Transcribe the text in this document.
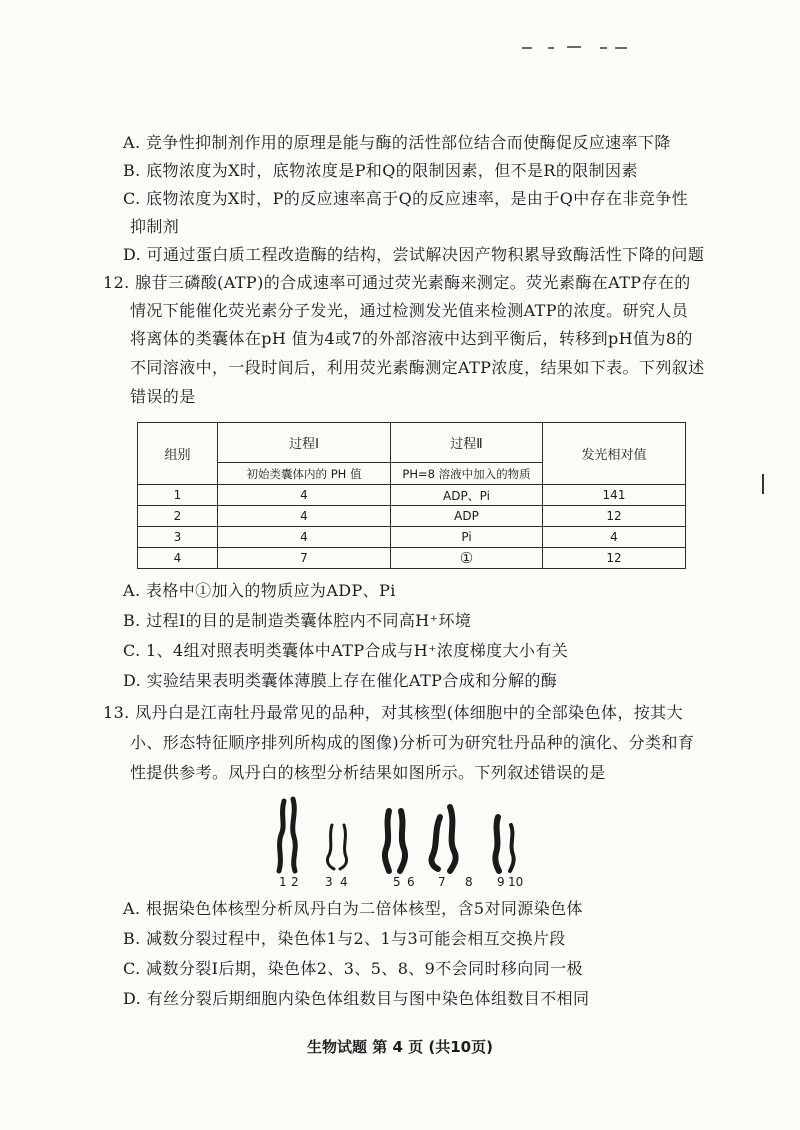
A. 竞争性抑制剂作用的原理是能与酶的活性部位结合而使酶促反应速率下降
B. 底物浓度为X时，底物浓度是P和Q的限制因素，但不是R的限制因素
C. 底物浓度为X时，P的反应速率高于Q的反应速率，是由于Q中存在非竞争性
抑制剂
D. 可通过蛋白质工程改造酶的结构，尝试解决因产物积累导致酶活性下降的问题
12. 腺苷三磷酸(ATP)的合成速率可通过荧光素酶来测定。荧光素酶在ATP存在的
情况下能催化荧光素分子发光，通过检测发光值来检测ATP的浓度。研究人员
将离体的类囊体在pH 值为4或7的外部溶液中达到平衡后，转移到pH值为8的
不同溶液中，一段时间后，利用荧光素酶测定ATP浓度，结果如下表。下列叙述
错误的是
组别	过程Ⅰ	过程Ⅱ	发光相对值
	初始类囊体内的 PH 值	PH=8 溶液中加入的物质	
1	4	ADP、Pi	141
2	4	ADP	12
3	4	Pi	4
4	7	①	12
A. 表格中①加入的物质应为ADP、Pi
B. 过程Ⅰ的目的是制造类囊体腔内不同高H⁺环境
C. 1、4组对照表明类囊体中ATP合成与H⁺浓度梯度大小有关
D. 实验结果表明类囊体薄膜上存在催化ATP合成和分解的酶
13. 凤丹白是江南牡丹最常见的品种，对其核型(体细胞中的全部染色体，按其大
小、形态特征顺序排列所构成的图像)分析可为研究牡丹品种的演化、分类和育
性提供参考。凤丹白的核型分析结果如图所示。下列叙述错误的是
1 2 3 4	5 6 7 8 9 10
A. 根据染色体核型分析凤丹白为二倍体核型，含5对同源染色体
B. 减数分裂过程中，染色体1与2、1与3可能会相互交换片段
C. 减数分裂Ⅰ后期，染色体2、3、5、8、9不会同时移向同一极
D. 有丝分裂后期细胞内染色体组数目与图中染色体组数目不相同
生物试题 第 4 页 (共10页)
